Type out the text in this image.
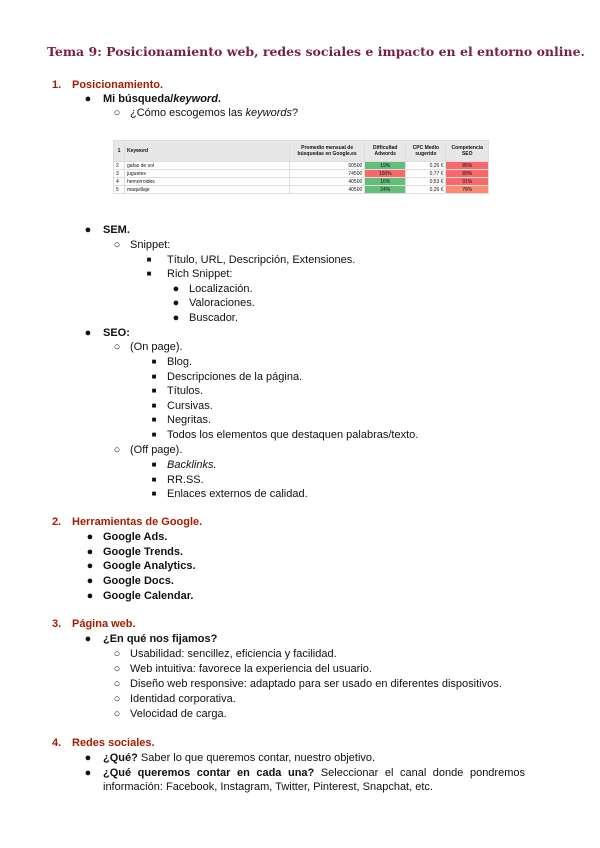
Tema 9: Posicionamiento web, redes sociales e impacto en el entorno online.
1. Posicionamiento.
● Mi búsqueda/keyword.
○ ¿Cómo escogemos las keywords?
1	Keyword	Promedio mensual de búsquedas en Google.es	Difficultad Adwords	CPC Medio sugerido	Competencia SEO
2	gafas de sol	60500	19%	0,26 €	85%
3	juguetes	74500	100%	0,77 €	89%
4	hemorroides	40500	16%	0,53 €	91%
5	maquillaje	40500	24%	0,26 €	78%
● SEM.
○ Snippet:
■	Título, URL, Descripción, Extensiones.
■	Rich Snippet:
● Localización.
● Valoraciones.
● Buscador.
● SEO:
○ (On page).
○ (Off page).
2. Herramientas de Google.
3. Página web.
● ¿En qué nos fijamos?
4. Redes sociales.
● ¿Qué? Saber lo que queremos contar, nuestro objetivo.
● ¿Qué queremos contar en cada una? Seleccionar el canal donde pondremos
información: Facebook, Instagram, Twitter, Pinterest, Snapchat, etc.
■ Blog.
■ Descripciones de la página.
■ Títulos.
■ Cursivas.
■ Negritas.
■ Todos los elementos que destaquen palabras/texto.
■ Backlinks.
■ RR.SS.
■ Enlaces externos de calidad.
● Google Ads.
● Google Trends.
● Google Analytics.
● Google Docs.
● Google Calendar.
○ Usabilidad: sencillez, eficiencia y facilidad.
○ Web intuitiva: favorece la experiencia del usuario.
○ Diseño web responsive: adaptado para ser usado en diferentes dispositivos.
○ Identidad corporativa.
○ Velocidad de carga.
